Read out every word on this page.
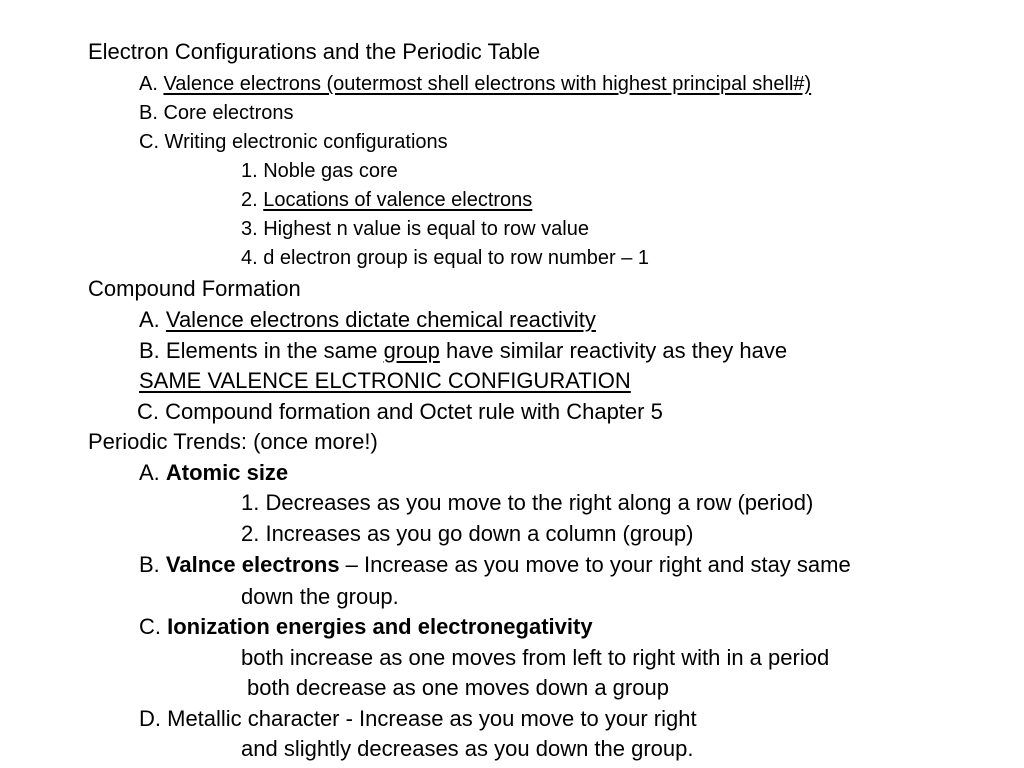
Electron Configurations and the Periodic Table
A. Valence electrons (outermost shell electrons with highest principal shell#)
B. Core electrons
C. Writing electronic configurations
1. Noble gas core
2. Locations of valence electrons
3. Highest n value is equal to row value
4. d electron group is equal to row number – 1
Compound Formation
A. Valence electrons dictate chemical reactivity
B. Elements in the same group have similar reactivity as they have
SAME VALENCE ELCTRONIC CONFIGURATION
C. Compound formation and Octet rule with Chapter 5
Periodic Trends: (once more!)
A. Atomic size
1. Decreases as you move to the right along a row (period)
2. Increases as you go down a column (group)
B. Valnce electrons – Increase as you move to your right and stay same
down the group.
C. Ionization energies and electronegativity
both increase as one moves from left to right with in a period
both decrease as one moves down a group
D. Metallic character - Increase as you move to your right
and slightly decreases as you down the group.
